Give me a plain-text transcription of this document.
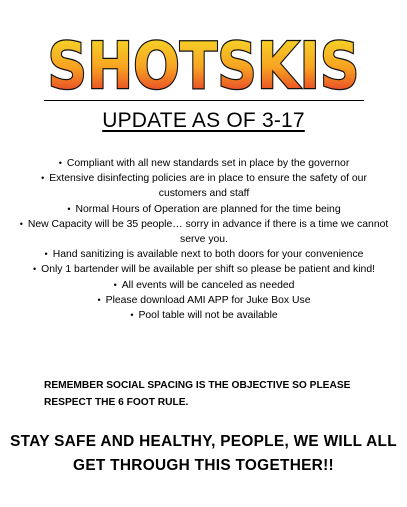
SHOTSKIS
UPDATE AS OF 3-17
• Compliant with all new standards set in place by the governor
• Extensive disinfecting policies are in place to ensure the safety of our customers and staff
• Normal Hours of Operation are planned for the time being
• New Capacity will be 35 people… sorry in advance if there is a time we cannot serve you.
• Hand sanitizing is available next to both doors for your convenience
• Only 1 bartender will be available per shift so please be patient and kind!
• All events will be canceled as needed
• Please download AMI APP for Juke Box Use
• Pool table will not be available

REMEMBER SOCIAL SPACING IS THE OBJECTIVE SO PLEASE RESPECT THE 6 FOOT RULE.

STAY SAFE AND HEALTHY, PEOPLE, WE WILL ALL GET THROUGH THIS TOGETHER!!
